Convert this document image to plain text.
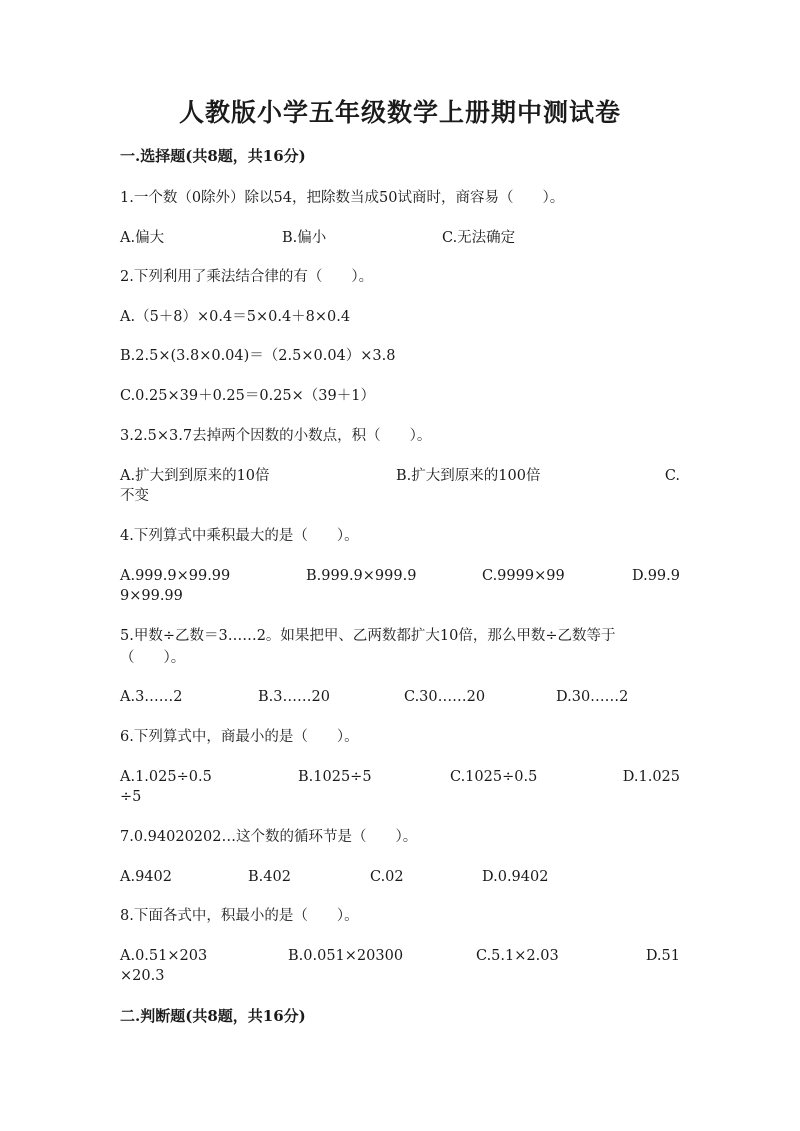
人教版小学五年级数学上册期中测试卷
一.选择题(共8题，共16分)
1.一个数（0除外）除以54，把除数当成50试商时，商容易（　　）。
A.偏大	B.偏小	C.无法确定
2.下列利用了乘法结合律的有（　　）。
A.（5＋8）×0.4＝5×0.4＋8×0.4
B.2.5×(3.8×0.04)＝（2.5×0.04）×3.8
C.0.25×39＋0.25＝0.25×（39＋1）
3.2.5×3.7去掉两个因数的小数点，积（　　）。
A.扩大到到原来的10倍	B.扩大到原来的100倍	C.
不变
4.下列算式中乘积最大的是（　　）。
A.999.9×99.99	B.999.9×999.9	C.9999×99	D.99.9
9×99.99
5.甲数÷乙数＝3……2。如果把甲、乙两数都扩大10倍，那么甲数÷乙数等于
（　　）。
A.3……2	B.3……20	C.30……20	D.30……2
6.下列算式中，商最小的是（　　）。
A.1.025÷0.5	B.1025÷5	C.1025÷0.5	D.1.025
÷5
7.0.94020202…这个数的循环节是（　　）。
A.9402	B.402	C.02	D.0.9402
8.下面各式中，积最小的是（　　）。
A.0.51×203	B.0.051×20300	C.5.1×2.03	D.51
×20.3
二.判断题(共8题，共16分)
